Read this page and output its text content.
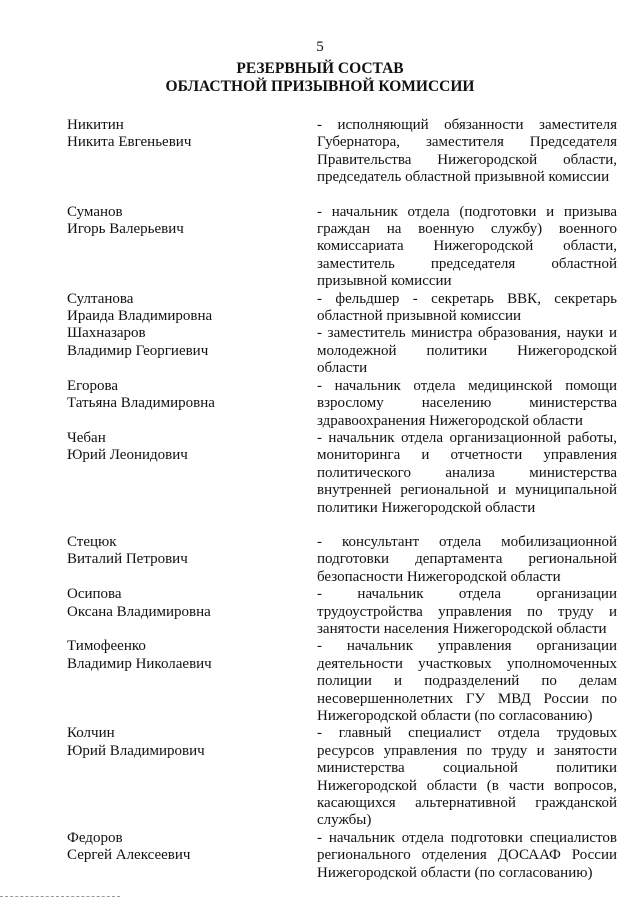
5
РЕЗЕРВНЫЙ СОСТАВ
ОБЛАСТНОЙ ПРИЗЫВНОЙ КОМИССИИ
Никитин
Никита Евгеньевич
- исполняющий обязанности заместителя Губернатора, заместителя Председателя Правительства Нижегородской области, председатель областной призывной комиссии
Суманов
Игорь Валерьевич
- начальник отдела (подготовки и призыва граждан на военную службу) военного комиссариата Нижегородской области, заместитель председателя областной призывной комиссии
Султанова
Ираида Владимировна
- фельдшер - секретарь ВВК, секретарь областной призывной комиссии
Шахназаров
Владимир Георгиевич
- заместитель министра образования, науки и молодежной политики Нижегородской области
Егорова
Татьяна Владимировна
- начальник отдела медицинской помощи взрослому населению министерства здравоохранения Нижегородской области
Чебан
Юрий Леонидович
- начальник отдела организационной работы, мониторинга и отчетности управления политического анализа министерства внутренней региональной и муниципальной политики Нижегородской области
Стецюк
Виталий Петрович
- консультант отдела мобилизационной подготовки департамента региональной безопасности Нижегородской области
Осипова
Оксана Владимировна
- начальник отдела организации трудоустройства управления по труду и занятости населения Нижегородской области
Тимофеенко
Владимир Николаевич
- начальник управления организации деятельности участковых уполномоченных полиции и подразделений по делам несовершеннолетних ГУ МВД России по Нижегородской области (по согласованию)
Колчин
Юрий Владимирович
- главный специалист отдела трудовых ресурсов управления по труду и занятости министерства социальной политики Нижегородской области (в части вопросов, касающихся альтернативной гражданской службы)
Федоров
Сергей Алексеевич
- начальник отдела подготовки специалистов регионального отделения ДОСААФ России Нижегородской области (по согласованию)
